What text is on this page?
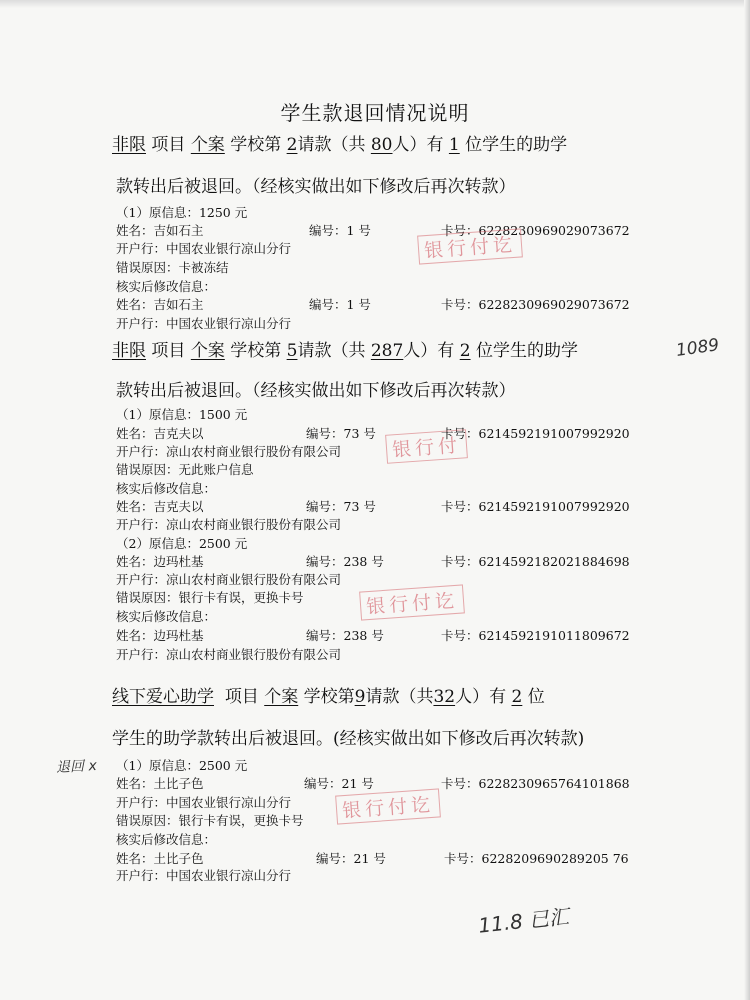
学生款退回情况说明
非限 项目 个案 学校第 2请款（共 80人）有 1 位学生的助学
款转出后被退回。（经核实做出如下修改后再次转款）
（1）原信息：1250 元
姓名：吉如石主	编号：1 号	卡号：6228230969029073672
开户行：中国农业银行凉山分行
错误原因：卡被冻结
核实后修改信息：
姓名：吉如石主	编号：1 号	卡号：6228230969029073672
开户行：中国农业银行凉山分行
非限 项目 个案 学校第 5请款（共 287人）有 2 位学生的助学
款转出后被退回。（经核实做出如下修改后再次转款）
（1）原信息：1500 元
姓名：吉克夫以	编号：73 号	卡号：6214592191007992920
开户行：凉山农村商业银行股份有限公司
错误原因：无此账户信息
核实后修改信息：
姓名：吉克夫以	编号：73 号	卡号：6214592191007992920
开户行：凉山农村商业银行股份有限公司
（2）原信息：2500 元
姓名：边玛杜基	编号：238 号	卡号：6214592182021884698
开户行：凉山农村商业银行股份有限公司
错误原因：银行卡有误，更换卡号
核实后修改信息：
姓名：边玛杜基	编号：238 号	卡号：6214592191011809672
开户行：凉山农村商业银行股份有限公司
线下爱心助学 项目 个案 学校第9请款（共32人）有 2 位
学生的助学款转出后被退回。(经核实做出如下修改后再次转款)
（1）原信息：2500 元
姓名：土比子色	编号：21 号	卡号：6228230965764101868
开户行：中国农业银行凉山分行
错误原因：银行卡有误，更换卡号
核实后修改信息：
姓名：土比子色	编号：21 号	卡号：6228209690289205 76
开户行：中国农业银行凉山分行
银行付讫
银行付
银行付讫
银行付讫
1089
退回 x
11.8 已汇
